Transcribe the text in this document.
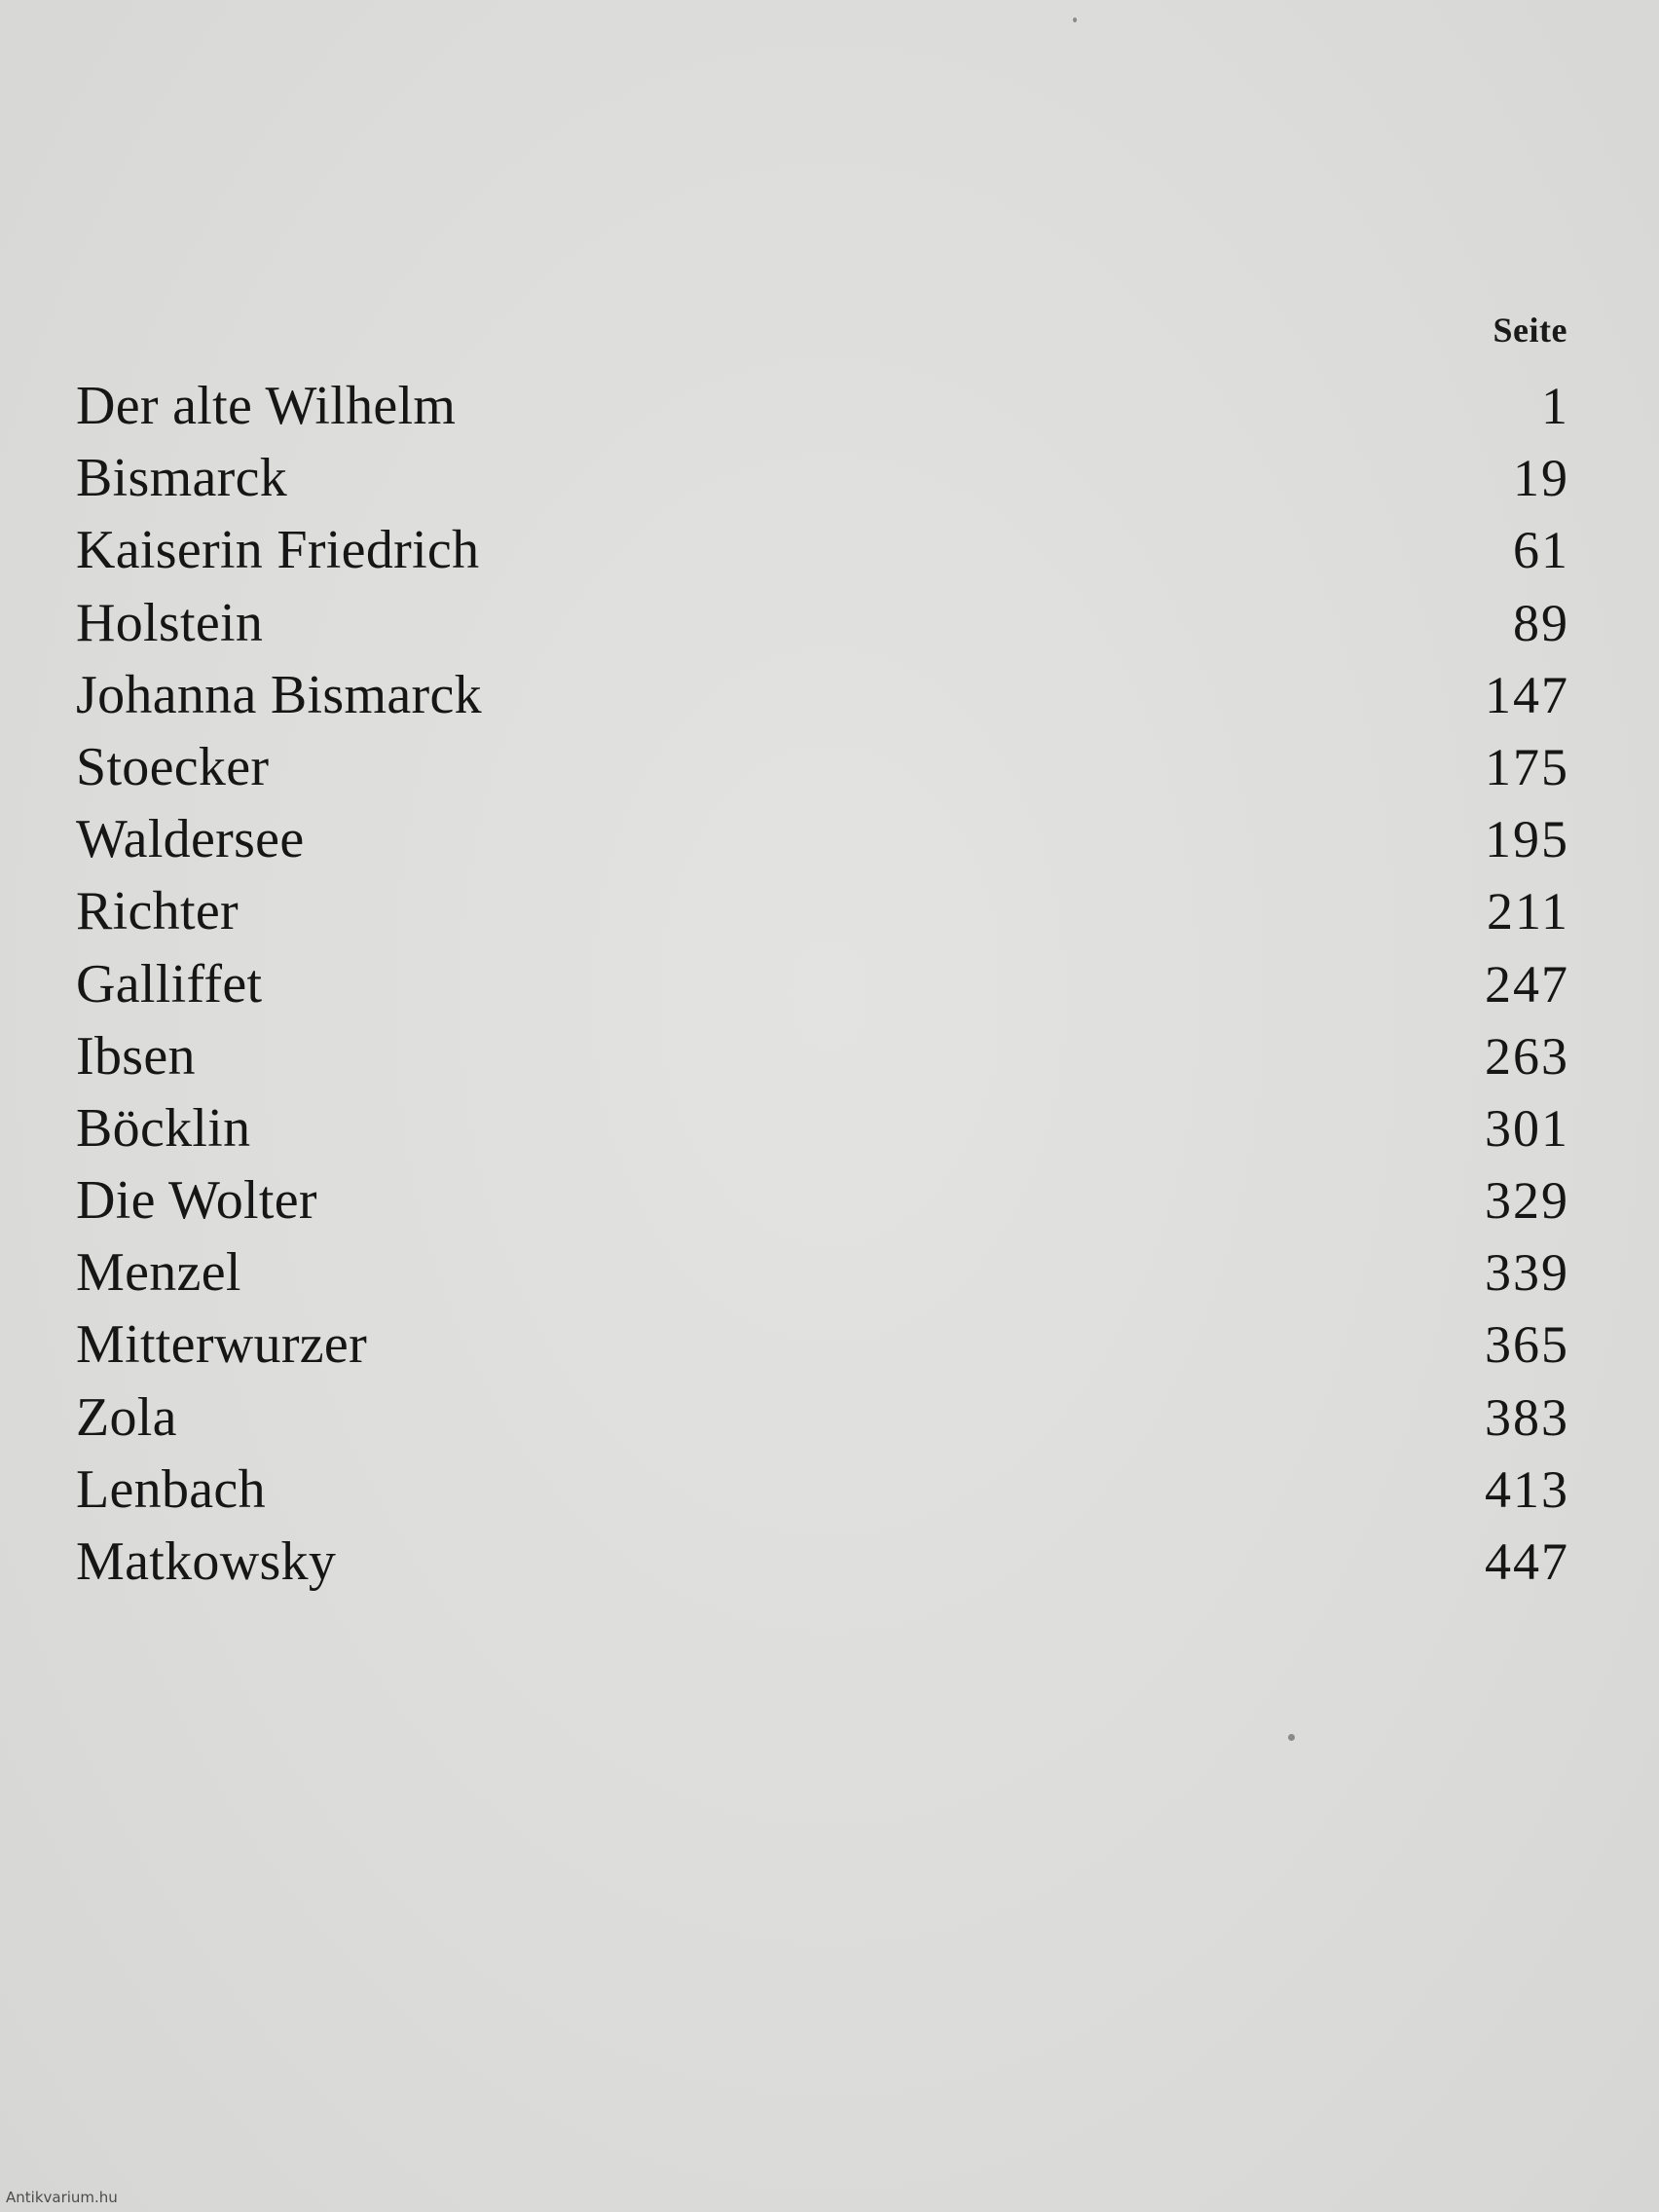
Seite
Der alte Wilhelm	1
Bismarck	19
Kaiserin Friedrich	61
Holstein	89
Johanna Bismarck	147
Stoecker	175
Waldersee	195
Richter	211
Galliffet	247
Ibsen	263
Böcklin	301
Die Wolter	329
Menzel	339
Mitterwurzer	365
Zola	383
Lenbach	413
Matkowsky	447
Antikvarium.hu
